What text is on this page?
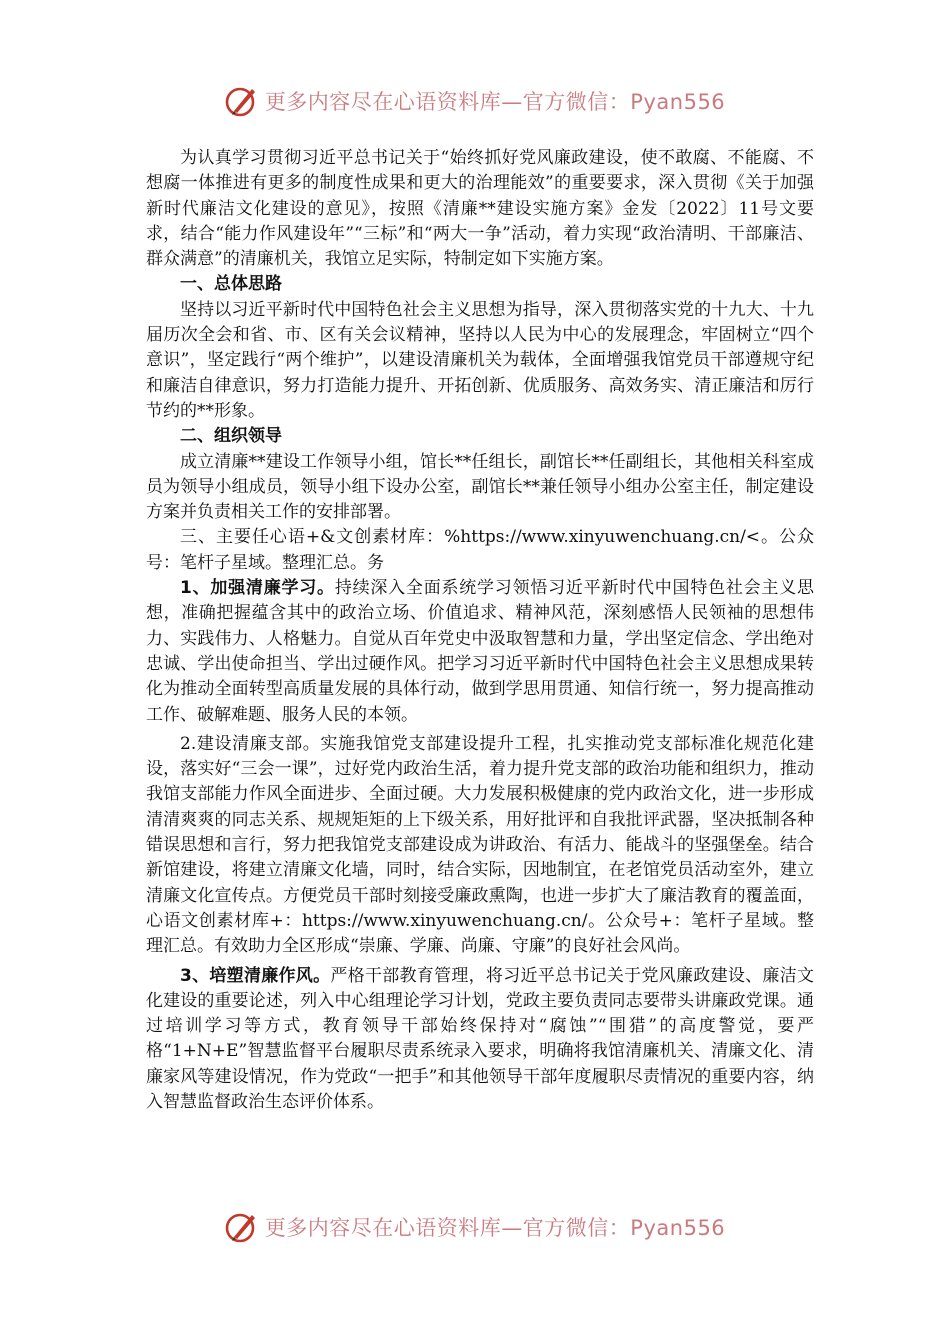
更多内容尽在心语资料库—官方微信：Pyan556

为认真学习贯彻习近平总书记关于“始终抓好党风廉政建设，使不敢腐、不能腐、不想腐一体推进有更多的制度性成果和更大的治理能效”的重要要求，深入贯彻《关于加强新时代廉洁文化建设的意见》，按照《清廉**建设实施方案》金发〔2022〕11号文要求，结合“能力作风建设年”“三标”和“两大一争”活动，着力实现“政治清明、干部廉洁、群众满意”的清廉机关，我馆立足实际，特制定如下实施方案。

一、总体思路

坚持以习近平新时代中国特色社会主义思想为指导，深入贯彻落实党的十九大、十九届历次全会和省、市、区有关会议精神，坚持以人民为中心的发展理念，牢固树立“四个意识”，坚定践行“两个维护”，以建设清廉机关为载体，全面增强我馆党员干部遵规守纪和廉洁自律意识，努力打造能力提升、开拓创新、优质服务、高效务实、清正廉洁和厉行节约的**形象。

二、组织领导

成立清廉**建设工作领导小组，馆长**任组长，副馆长**任副组长，其他相关科室成员为领导小组成员，领导小组下设办公室，副馆长**兼任领导小组办公室主任，制定建设方案并负责相关工作的安排部署。

三、主要任心语+&文创素材库：%https://www.xinyuwenchuang.cn/<。公众号：笔杆子星域。整理汇总。务

1、加强清廉学习。持续深入全面系统学习领悟习近平新时代中国特色社会主义思想，准确把握蕴含其中的政治立场、价值追求、精神风范，深刻感悟人民领袖的思想伟力、实践伟力、人格魅力。自觉从百年党史中汲取智慧和力量，学出坚定信念、学出绝对忠诚、学出使命担当、学出过硬作风。把学习习近平新时代中国特色社会主义思想成果转化为推动全面转型高质量发展的具体行动，做到学思用贯通、知信行统一，努力提高推动工作、破解难题、服务人民的本领。

2.建设清廉支部。实施我馆党支部建设提升工程，扎实推动党支部标准化规范化建设，落实好“三会一课”，过好党内政治生活，着力提升党支部的政治功能和组织力，推动我馆支部能力作风全面进步、全面过硬。大力发展积极健康的党内政治文化，进一步形成清清爽爽的同志关系、规规矩矩的上下级关系，用好批评和自我批评武器，坚决抵制各种错误思想和言行，努力把我馆党支部建设成为讲政治、有活力、能战斗的坚强堡垒。结合新馆建设，将建立清廉文化墙，同时，结合实际，因地制宜，在老馆党员活动室外，建立清廉文化宣传点。方便党员干部时刻接受廉政熏陶，也进一步扩大了廉洁教育的覆盖面，心语文创素材库+：https://www.xinyuwenchuang.cn/。公众号+：笔杆子星域。整理汇总。有效助力全区形成“崇廉、学廉、尚廉、守廉”的良好社会风尚。

3、培塑清廉作风。严格干部教育管理，将习近平总书记关于党风廉政建设、廉洁文化建设的重要论述，列入中心组理论学习计划，党政主要负责同志要带头讲廉政党课。通过培训学习等方式，教育领导干部始终保持对“腐蚀”“围猎”的高度警觉，要严格“1+N+E”智慧监督平台履职尽责系统录入要求，明确将我馆清廉机关、清廉文化、清廉家风等建设情况，作为党政“一把手”和其他领导干部年度履职尽责情况的重要内容，纳入智慧监督政治生态评价体系。

更多内容尽在心语资料库—官方微信：Pyan556
